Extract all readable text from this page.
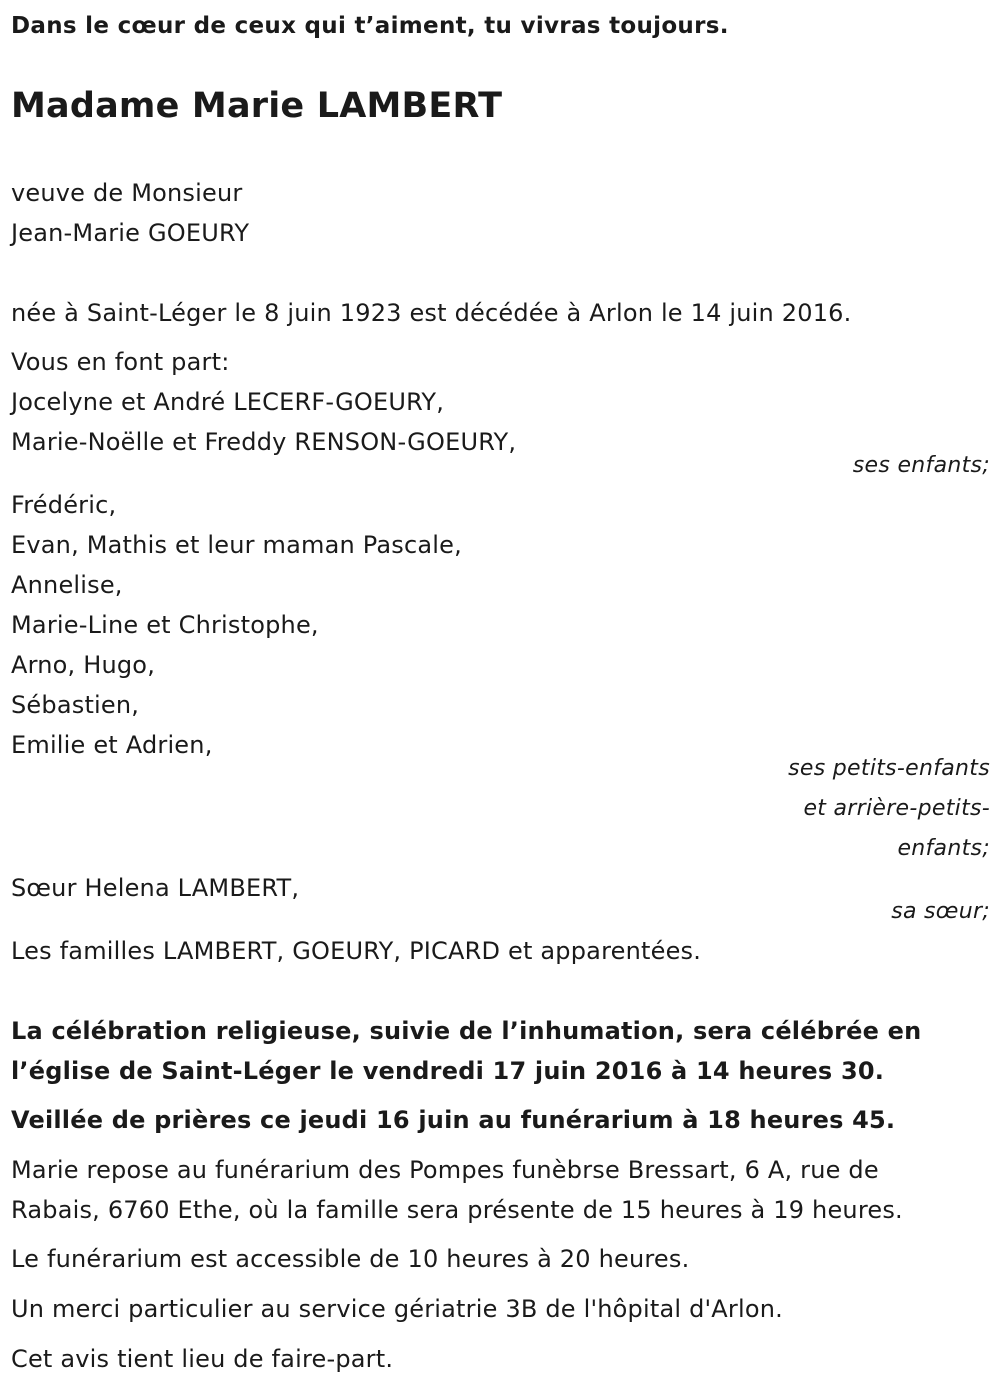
Dans le cœur de ceux qui t’aiment, tu vivras toujours.

Madame Marie LAMBERT

veuve de Monsieur

Jean-Marie GOEURY

née à Saint-Léger le 8 juin 1923 est décédée à Arlon le 14 juin 2016.

Vous en font part:

Jocelyne et André LECERF-GOEURY,

Marie-Noëlle et Freddy RENSON-GOEURY,

ses enfants;

Frédéric,

Evan, Mathis et leur maman Pascale,

Annelise,

Marie-Line et Christophe,

Arno, Hugo,

Sébastien,

Emilie et Adrien,

ses petits-enfants

et arrière-petits-

enfants;

Sœur Helena LAMBERT,

sa sœur;

Les familles LAMBERT, GOEURY, PICARD et apparentées.

La célébration religieuse, suivie de l’inhumation, sera célébrée en

l’église de Saint-Léger le vendredi 17 juin 2016 à 14 heures 30.

Veillée de prières ce jeudi 16 juin au funérarium à 18 heures 45.

Marie repose au funérarium des Pompes funèbrse Bressart, 6 A, rue de

Rabais, 6760 Ethe, où la famille sera présente de 15 heures à 19 heures.

Le funérarium est accessible de 10 heures à 20 heures.

Un merci particulier au service gériatrie 3B de l'hôpital d'Arlon.

Cet avis tient lieu de faire-part.
